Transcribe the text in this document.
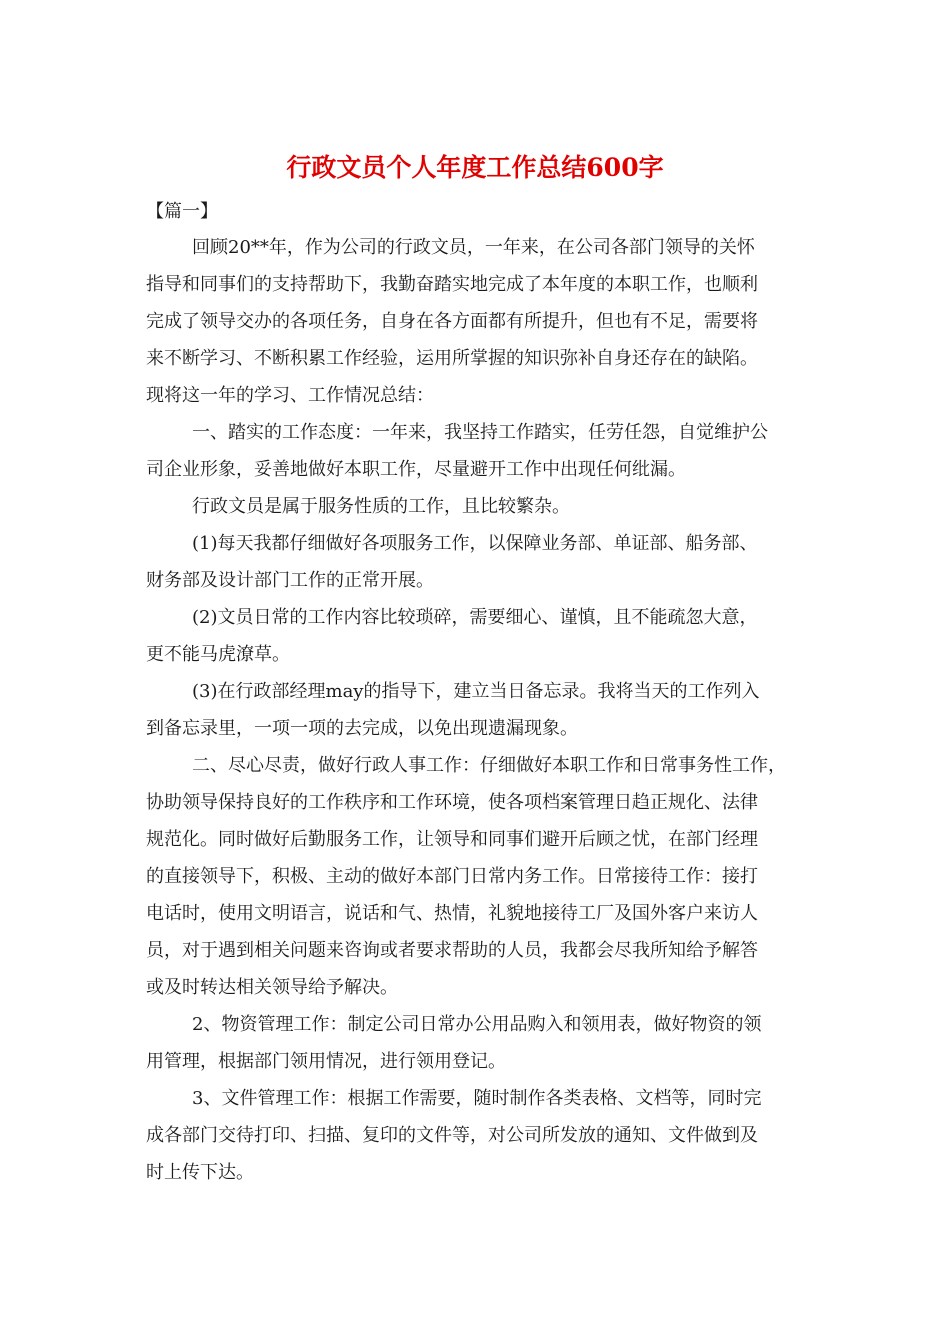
行政文员个人年度工作总结600字
【篇一】

回顾20**年，作为公司的行政文员，一年来，在公司各部门领导的关怀
指导和同事们的支持帮助下，我勤奋踏实地完成了本年度的本职工作，也顺利
完成了领导交办的各项任务，自身在各方面都有所提升，但也有不足，需要将
来不断学习、不断积累工作经验，运用所掌握的知识弥补自身还存在的缺陷。
现将这一年的学习、工作情况总结：

一、踏实的工作态度：一年来，我坚持工作踏实，任劳任怨，自觉维护公
司企业形象，妥善地做好本职工作，尽量避开工作中出现任何纰漏。

行政文员是属于服务性质的工作，且比较繁杂。

(1)每天我都仔细做好各项服务工作，以保障业务部、单证部、船务部、
财务部及设计部门工作的正常开展。

(2)文员日常的工作内容比较琐碎，需要细心、谨慎，且不能疏忽大意，
更不能马虎潦草。

(3)在行政部经理may的指导下，建立当日备忘录。我将当天的工作列入
到备忘录里，一项一项的去完成，以免出现遗漏现象。

二、尽心尽责，做好行政人事工作：仔细做好本职工作和日常事务性工作，
协助领导保持良好的工作秩序和工作环境，使各项档案管理日趋正规化、法律
规范化。同时做好后勤服务工作，让领导和同事们避开后顾之忧，在部门经理
的直接领导下，积极、主动的做好本部门日常内务工作。日常接待工作：接打
电话时，使用文明语言，说话和气、热情，礼貌地接待工厂及国外客户来访人
员，对于遇到相关问题来咨询或者要求帮助的人员，我都会尽我所知给予解答
或及时转达相关领导给予解决。

2、物资管理工作：制定公司日常办公用品购入和领用表，做好物资的领
用管理，根据部门领用情况，进行领用登记。

3、文件管理工作：根据工作需要，随时制作各类表格、文档等，同时完
成各部门交待打印、扫描、复印的文件等，对公司所发放的通知、文件做到及
时上传下达。
